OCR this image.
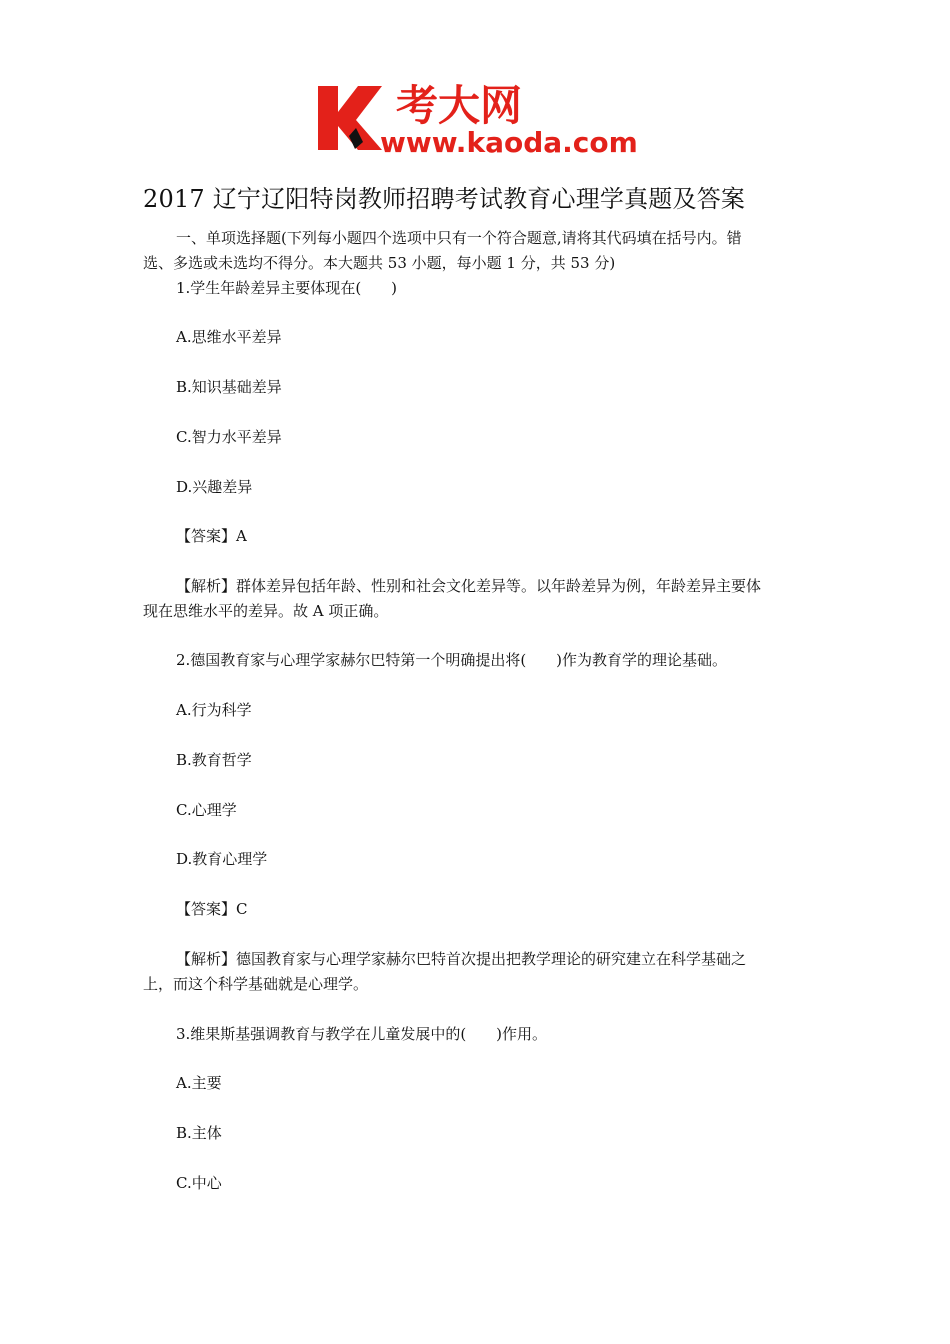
考大网
www.kaoda.com
2017 辽宁辽阳特岗教师招聘考试教育心理学真题及答案
一、单项选择题(下列每小题四个选项中只有一个符合题意,请将其代码填在括号内。错
选、多选或未选均不得分。本大题共 53 小题，每小题 1 分，共 53 分)
1.学生年龄差异主要体现在(　　)
A.思维水平差异
B.知识基础差异
C.智力水平差异
D.兴趣差异
【答案】A
【解析】群体差异包括年龄、性别和社会文化差异等。以年龄差异为例，年龄差异主要体
现在思维水平的差异。故 A 项正确。
2.德国教育家与心理学家赫尔巴特第一个明确提出将(　　)作为教育学的理论基础。
A.行为科学
B.教育哲学
C.心理学
D.教育心理学
【答案】C
【解析】德国教育家与心理学家赫尔巴特首次提出把教学理论的研究建立在科学基础之
上，而这个科学基础就是心理学。
3.维果斯基强调教育与教学在儿童发展中的(　　)作用。
A.主要
B.主体
C.中心
